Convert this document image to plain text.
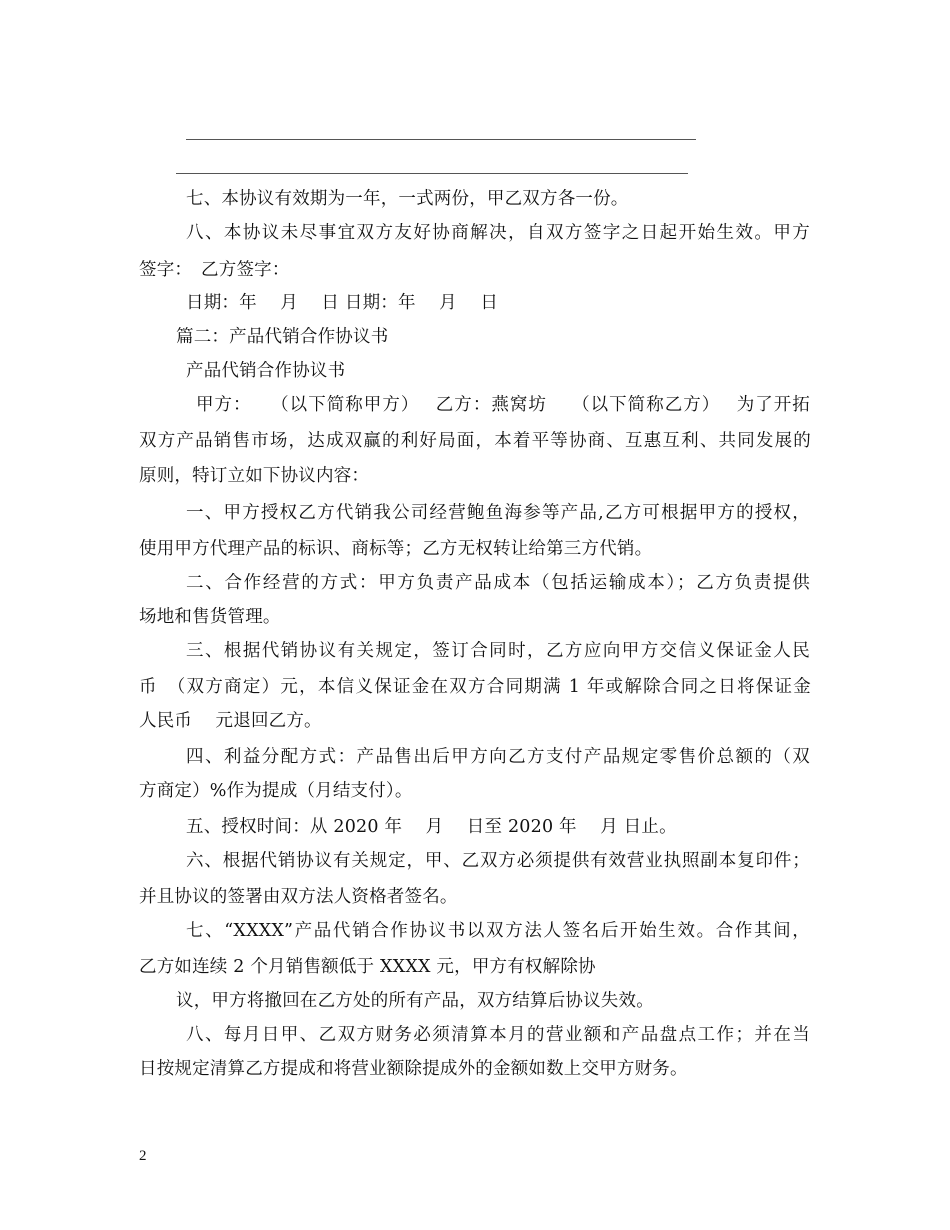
七、本协议有效期为一年，一式两份，甲乙双方各一份。
八、本协议未尽事宜双方友好协商解决，自双方签字之日起开始生效。甲方
签字：　乙方签字：
日期：年　 月　 日 日期：年　 月　 日
篇二：产品代销合作协议书
产品代销合作协议书
甲方：　　（以下简称甲方）　 乙方：燕窝坊　 （以下简称乙方）　 为了开拓
双方产品销售市场，达成双赢的利好局面，本着平等协商、互惠互利、共同发展的
原则，特订立如下协议内容：
一、甲方授权乙方代销我公司经营鲍鱼海参等产品,乙方可根据甲方的授权，
使用甲方代理产品的标识、商标等；乙方无权转让给第三方代销。
二、合作经营的方式：甲方负责产品成本（包括运输成本）；乙方负责提供
场地和售货管理。
三、根据代销协议有关规定，签订合同时，乙方应向甲方交信义保证金人民
币　（双方商定）元，本信义保证金在双方合同期满 1 年或解除合同之日将保证金
人民币　 元退回乙方。
四、利益分配方式：产品售出后甲方向乙方支付产品规定零售价总额的（双
方商定）%作为提成（月结支付）。
五、授权时间：从 2020 年　 月　 日至 2020 年　 月 日止。
六、根据代销协议有关规定，甲、乙双方必须提供有效营业执照副本复印件；
并且协议的签署由双方法人资格者签名。
七、“XXXX”产品代销合作协议书以双方法人签名后开始生效。合作其间，
乙方如连续 2 个月销售额低于 XXXX 元，甲方有权解除协
议，甲方将撤回在乙方处的所有产品，双方结算后协议失效。
八、每月日甲、乙双方财务必须清算本月的营业额和产品盘点工作；并在当
日按规定清算乙方提成和将营业额除提成外的金额如数上交甲方财务。
2
